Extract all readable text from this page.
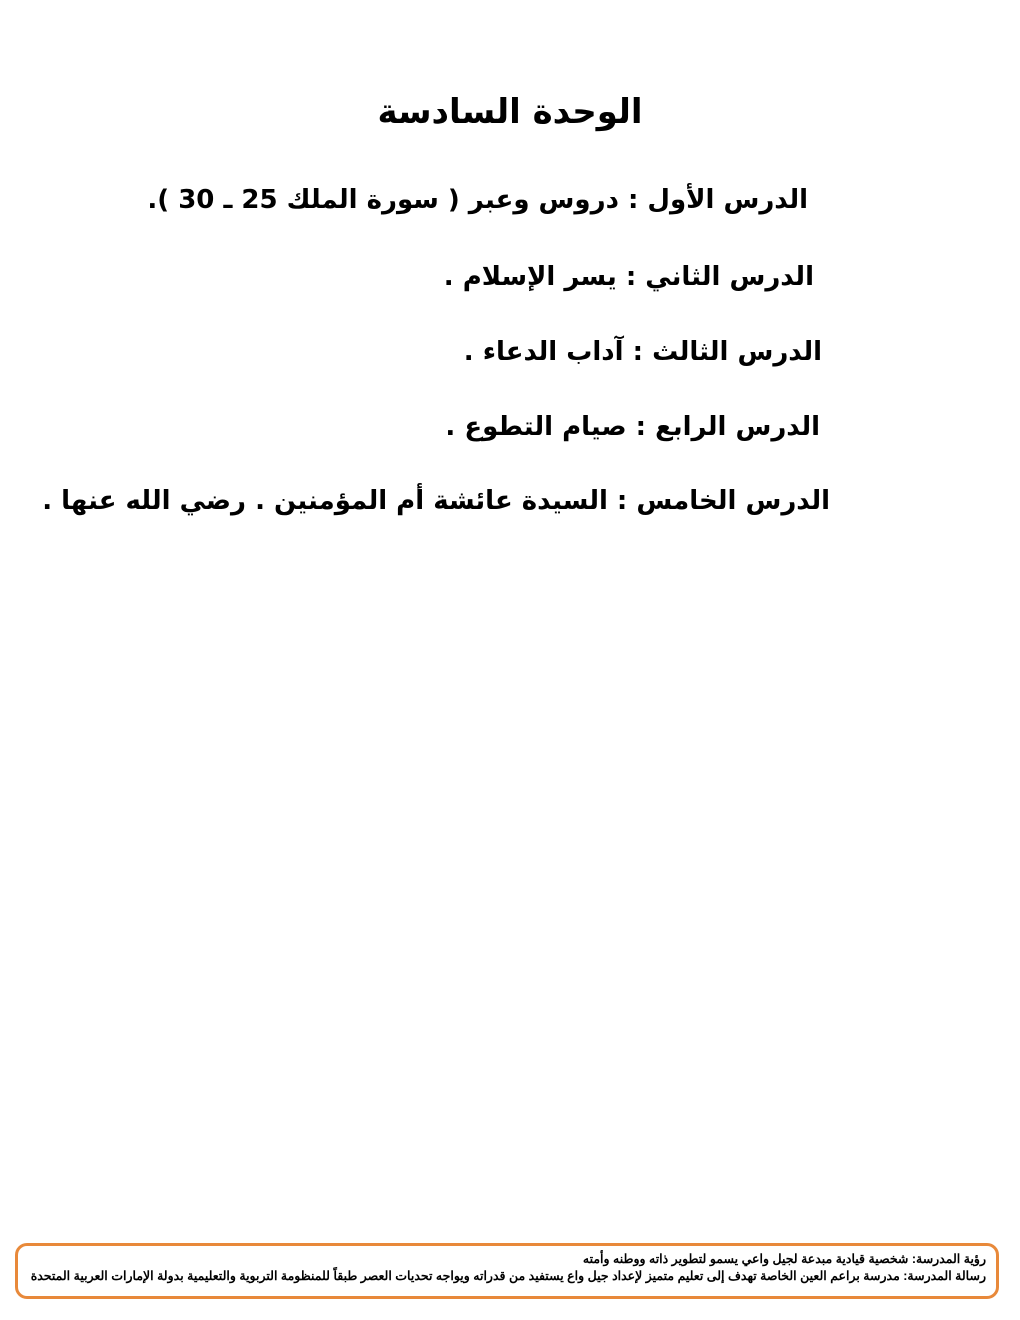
الوحدة السادسة
الدرس الأول : دروس وعبر ( سورة الملك 25 ـ 30 ).
الدرس الثاني : يسر الإسلام .
الدرس الثالث : آداب الدعاء .
الدرس الرابع : صيام التطوع .
الدرس الخامس : السيدة عائشة أم المؤمنين . رضي الله عنها .
رؤية المدرسة: شخصية قيادية مبدعة لجيل واعي يسمو لتطوير ذاته ووطنه وأمته
رسالة المدرسة: مدرسة براعم العين الخاصة تهدف إلى تعليم متميز لإعداد جيل واع يستفيد من قدراته ويواجه تحديات العصر طبقاً للمنظومة التربوية والتعليمية بدولة الإمارات العربية المتحدة
